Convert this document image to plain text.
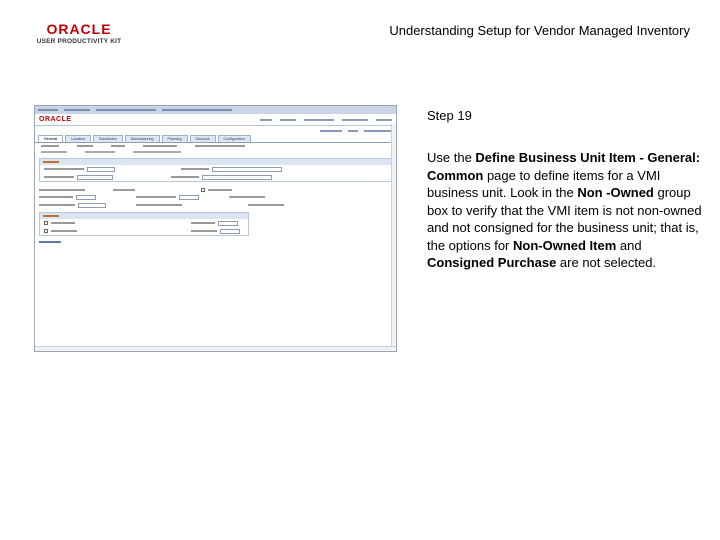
ORACLE
USER PRODUCTIVITY KIT
Understanding Setup for Vendor Managed Inventory
ORACLE
General	Location	Substitutes	Manufacturing	Planning	Discount	Configuration
Step 19
Use the Define Business Unit Item - General: Common page to define items for a VMI business unit. Look in the Non -Owned group box to verify that the VMI item is not non-owned and not consigned for the business unit; that is, the options for Non-Owned Item and Consigned Purchase are not selected.
